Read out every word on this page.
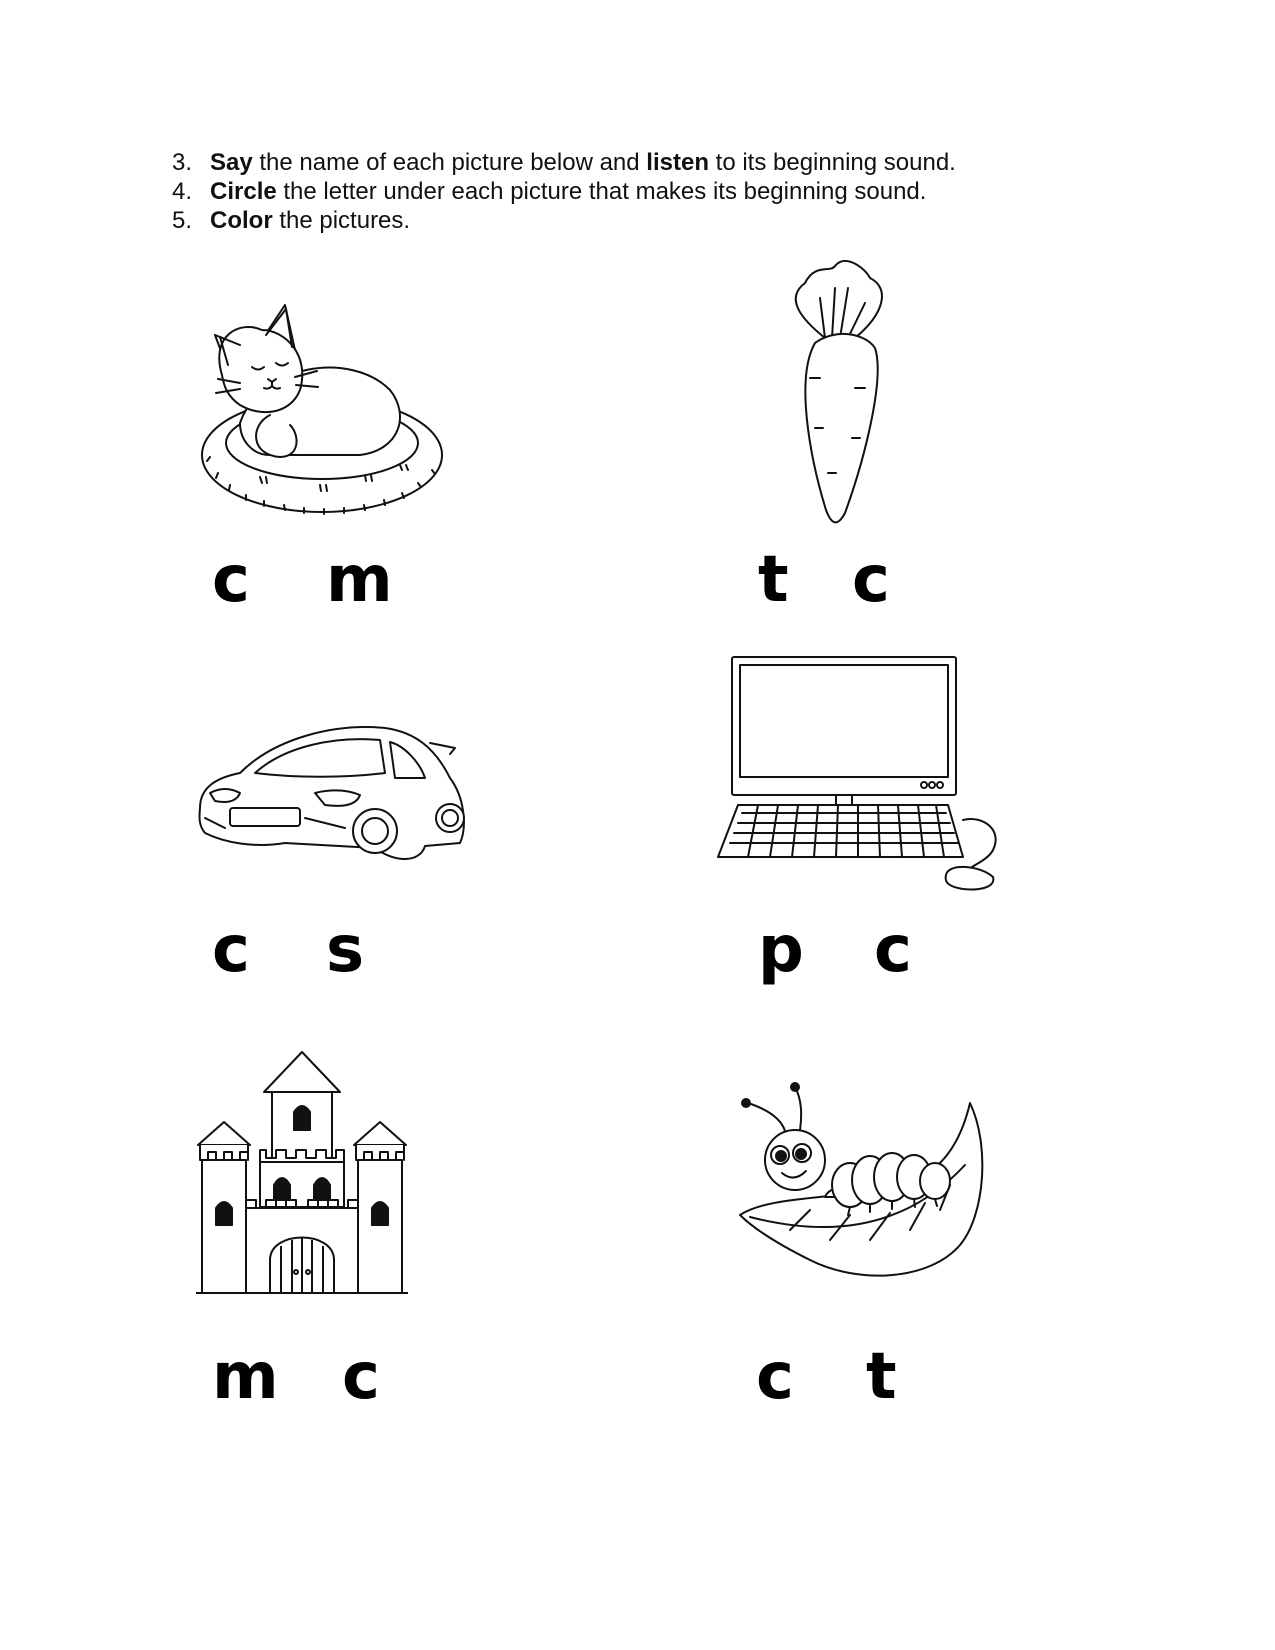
3. Say the name of each picture below and listen to its beginning sound.
4. Circle the letter under each picture that makes its beginning sound.
5. Color the pictures.
c m	t c
c s	p c
m c	c t
